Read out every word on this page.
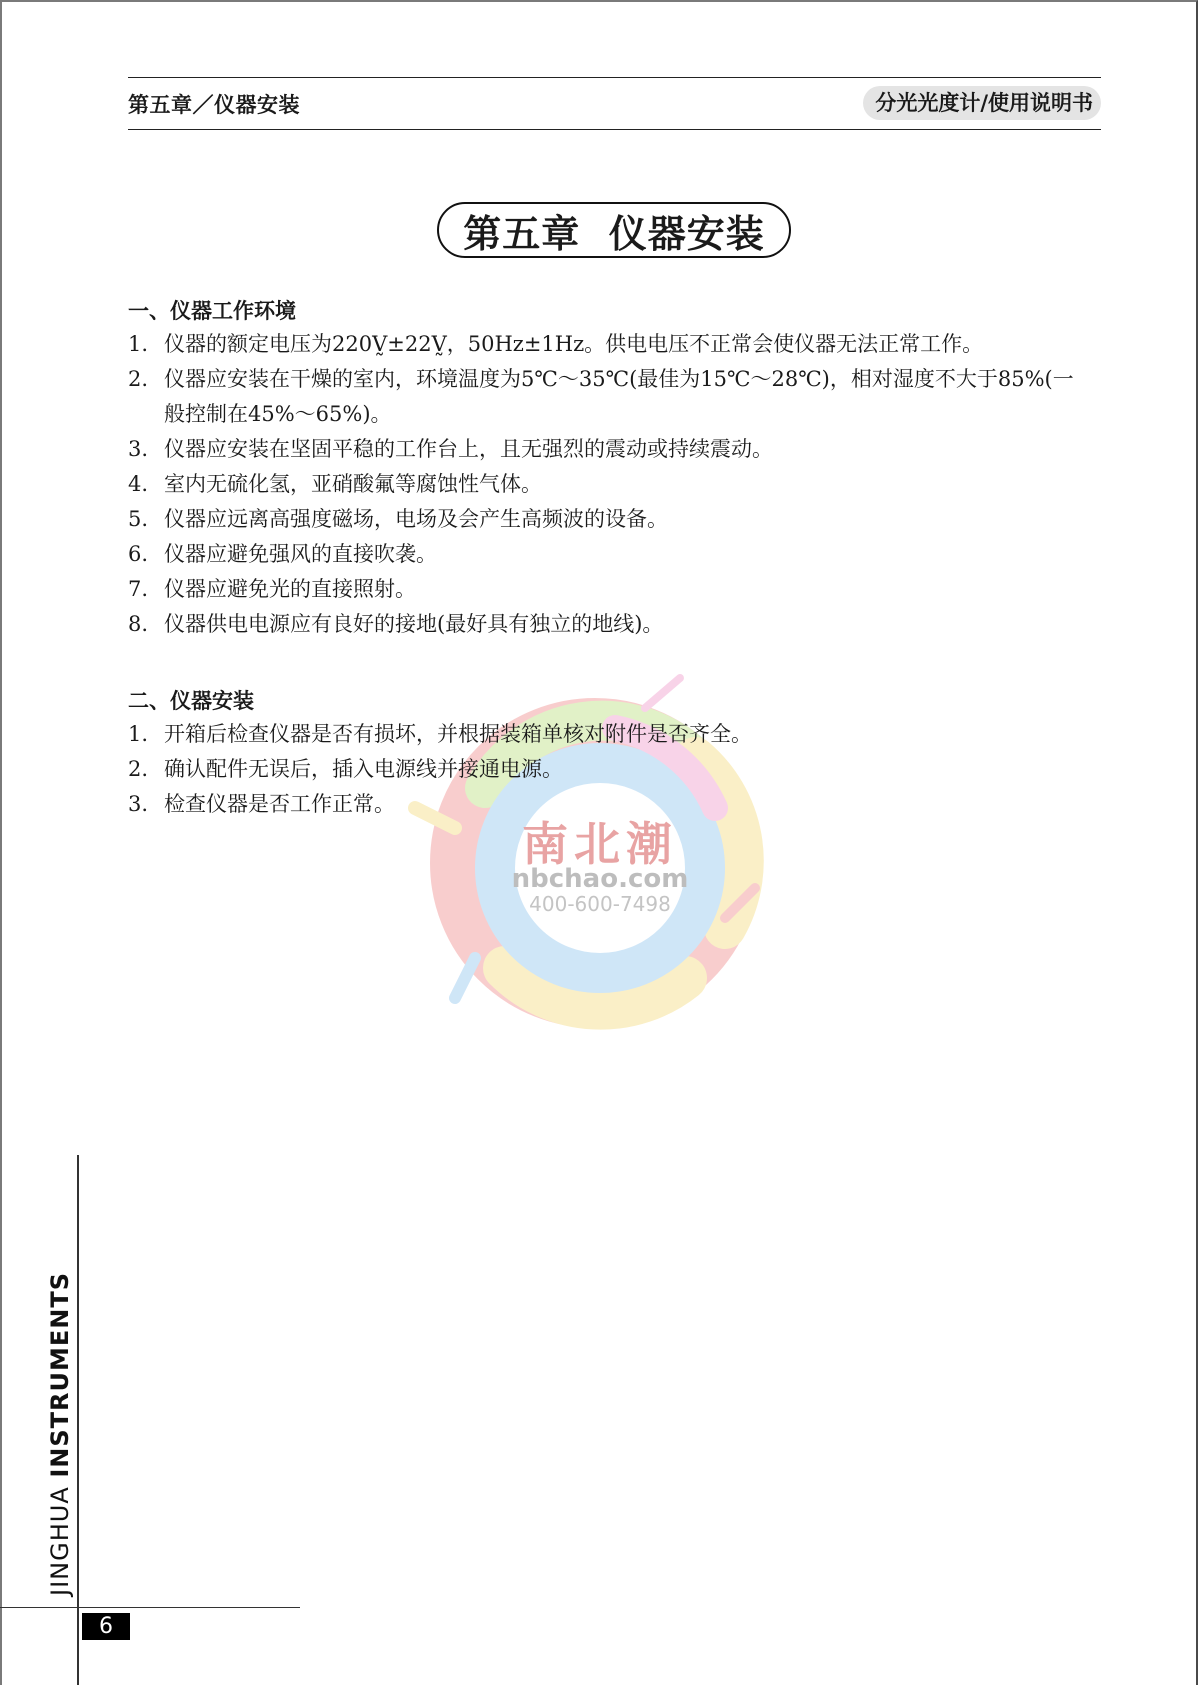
第五章／仪器安装	分光光度计/使用说明书
第五章  仪器安装
南北潮
nbchao.com
400-600-7498
一、仪器工作环境
1. 仪器的额定电压为220V̰±22V̰，50Hz±1Hz。供电电压不正常会使仪器无法正常工作。
2. 仪器应安装在干燥的室内，环境温度为5℃～35℃(最佳为15℃～28℃)，相对湿度不大于85%(一般控制在45%～65%)。
3. 仪器应安装在坚固平稳的工作台上，且无强烈的震动或持续震动。
4. 室内无硫化氢，亚硝酸氟等腐蚀性气体。
5. 仪器应远离高强度磁场，电场及会产生高频波的设备。
6. 仪器应避免强风的直接吹袭。
7. 仪器应避免光的直接照射。
8. 仪器供电电源应有良好的接地(最好具有独立的地线)。
二、仪器安装
1. 开箱后检查仪器是否有损坏，并根据装箱单核对附件是否齐全。
2. 确认配件无误后，插入电源线并接通电源。
3. 检查仪器是否工作正常。
JINGHUA INSTRUMENTS
6
